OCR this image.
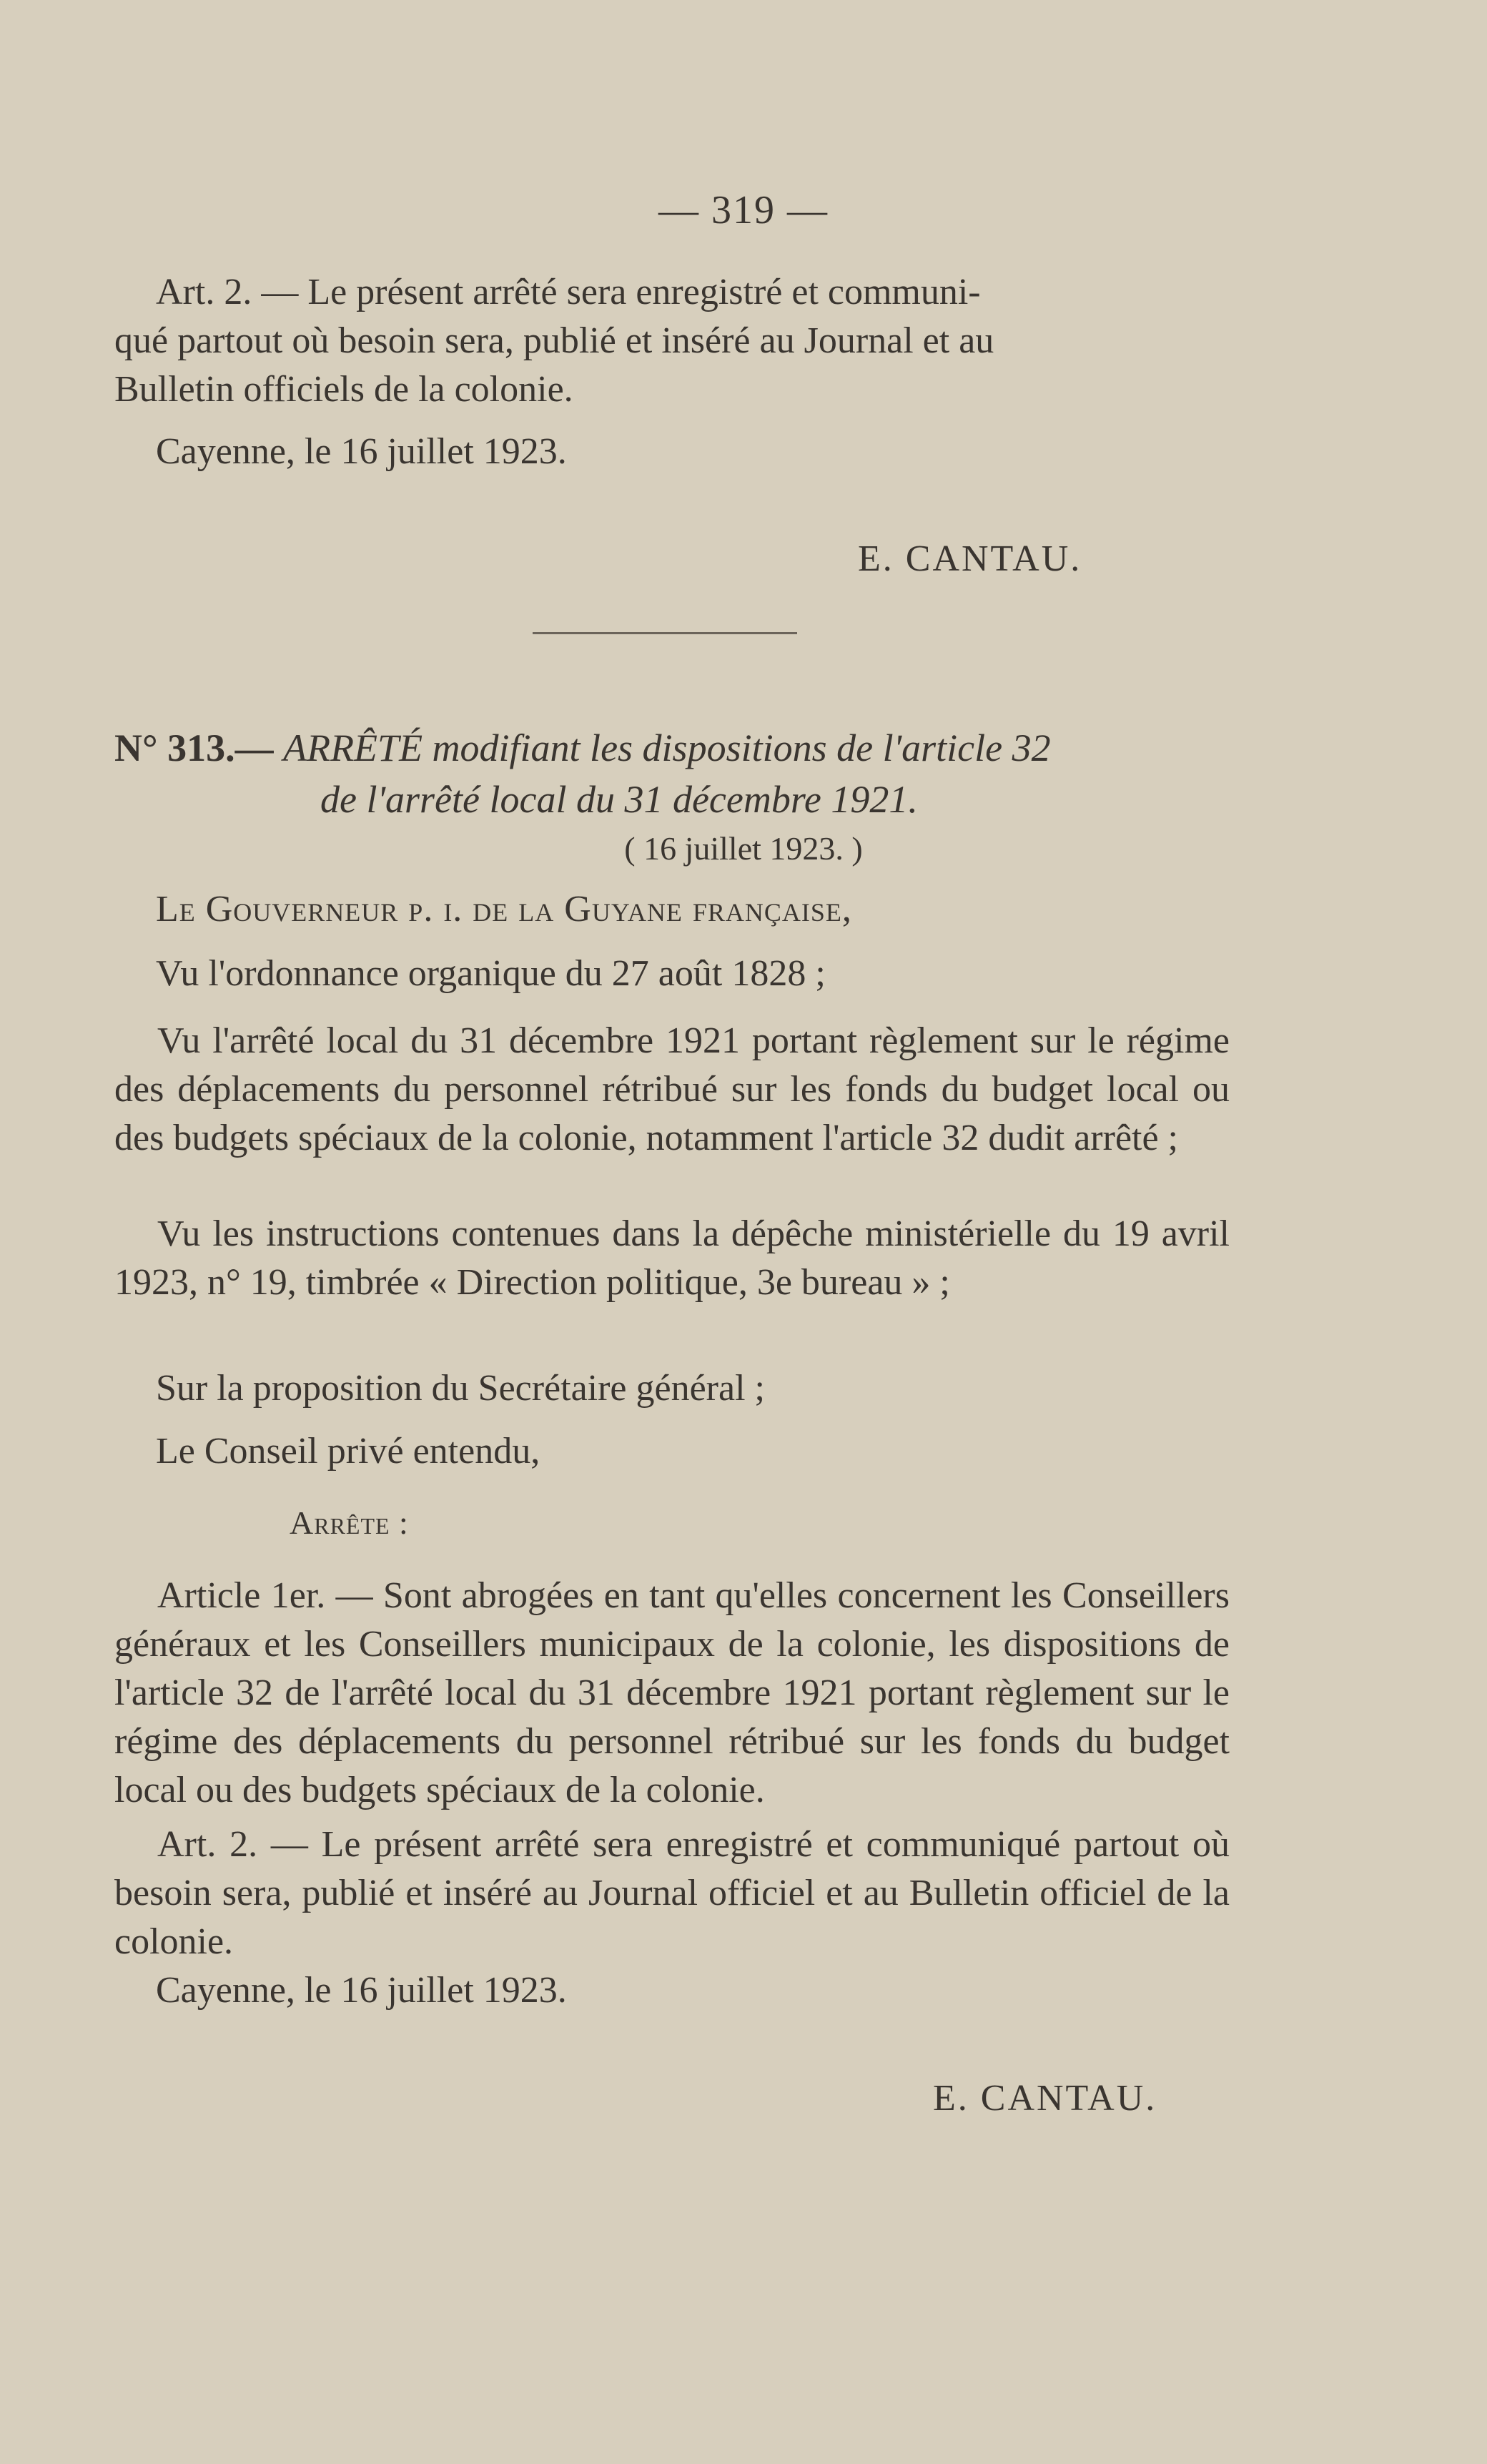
— 319 —
Art. 2. — Le présent arrêté sera enregistré et communi-
qué partout où besoin sera, publié et inséré au Journal et au
Bulletin officiels de la colonie.
Cayenne, le 16 juillet 1923.
E. CANTAU.
N° 313.— ARRÊTÉ modifiant les dispositions de l'article 32
de l'arrêté local du 31 décembre 1921.
( 16 juillet 1923. )
Le Gouverneur p. i. de la Guyane française,
Vu l'ordonnance organique du 27 août 1828 ;
Vu l'arrêté local du 31 décembre 1921 portant règlement sur le régime des déplacements du personnel rétribué sur les fonds du budget local ou des budgets spéciaux de la colonie, notamment l'article 32 dudit arrêté ;
Vu les instructions contenues dans la dépêche ministérielle du 19 avril 1923, n° 19, timbrée « Direction politique, 3e bureau » ;
Sur la proposition du Secrétaire général ;
Le Conseil privé entendu,
Arrête :
Article 1er. — Sont abrogées en tant qu'elles concernent les Conseillers généraux et les Conseillers municipaux de la colonie, les dispositions de l'article 32 de l'arrêté local du 31 décembre 1921 portant règlement sur le régime des déplacements du personnel rétribué sur les fonds du budget local ou des budgets spéciaux de la colonie.
Art. 2. — Le présent arrêté sera enregistré et communiqué partout où besoin sera, publié et inséré au Journal officiel et au Bulletin officiel de la colonie.
Cayenne, le 16 juillet 1923.
E. CANTAU.
